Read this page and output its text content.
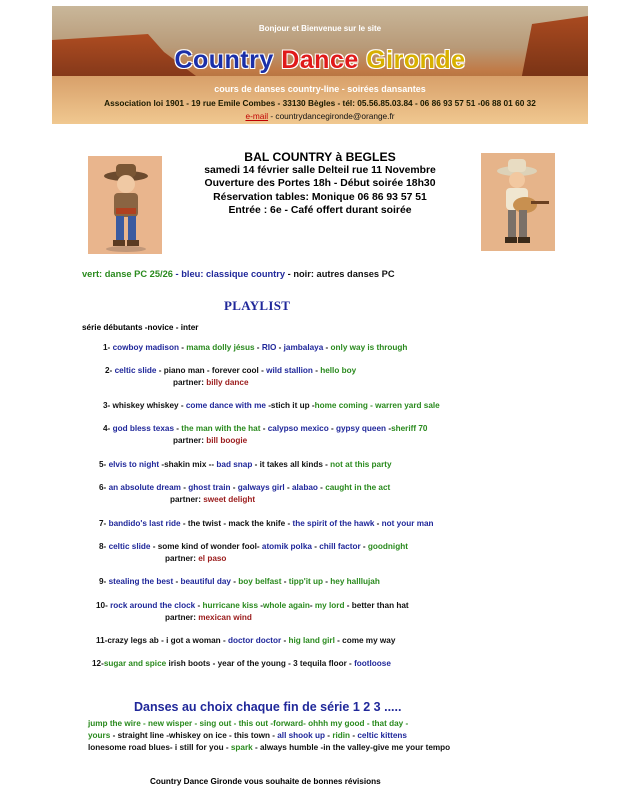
Bonjour et Bienvenue sur le site
Country Dance Gironde
cours de danses country-line - soirées dansantes
Association loi 1901 - 19 rue Emile Combes - 33130 Bègles - tél: 05.56.85.03.84 - 06 86 93 57 51 -06 88 01 60 32
e-mail - countrydancegironde@orange.fr
BAL COUNTRY à BEGLES
samedi 14 février salle Delteil rue 11 Novembre
Ouverture des Portes 18h - Début soirée 18h30
Réservation tables: Monique 06 86 93 57 51
Entrée : 6e - Café offert durant soirée
vert: danse PC 25/26 - bleu: classique country - noir: autres danses PC
PLAYLIST
série débutants -novice - inter
1- cowboy madison - mama dolly jésus - RIO - jambalaya - only way is through
2- celtic slide - piano man - forever cool - wild stallion - hello boy
partner: billy dance
3- whiskey whiskey - come dance with me -stich it up -home coming - warren yard sale
4- god bless texas - the man with the hat - calypso mexico - gypsy queen -sheriff 70
partner: bill boogie
5- elvis to night -shakin mix -- bad snap - it takes all kinds - not at this party
6- an absolute dream - ghost train - galways girl - alabao - caught in the act
partner: sweet delight
7- bandido's last ride - the twist - mack the knife - the spirit of the hawk - not your man
8- celtic slide - some kind of wonder fool- atomik polka - chill factor - goodnight
partner: el paso
9- stealing the best - beautiful day - boy belfast - tipp'it up - hey halllujah
10- rock around the clock - hurricane kiss -whole again- my lord - better than hat
partner: mexican wind
11-crazy legs ab - i got a woman - doctor doctor - hig land girl - come my way
12-sugar and spice irish boots - year of the young - 3 tequila floor - footloose
Danses au choix chaque fin de série 1 2 3 .....
jump the wire - new wisper - sing out - this out -forward- ohhh my good - that day -
yours - straight line -whiskey on ice - this town - all shook up - ridin - celtic kittens
lonesome road blues- i still for you - spark - always humble -in the valley-give me your tempo
Country Dance Gironde vous souhaite de bonnes révisions
